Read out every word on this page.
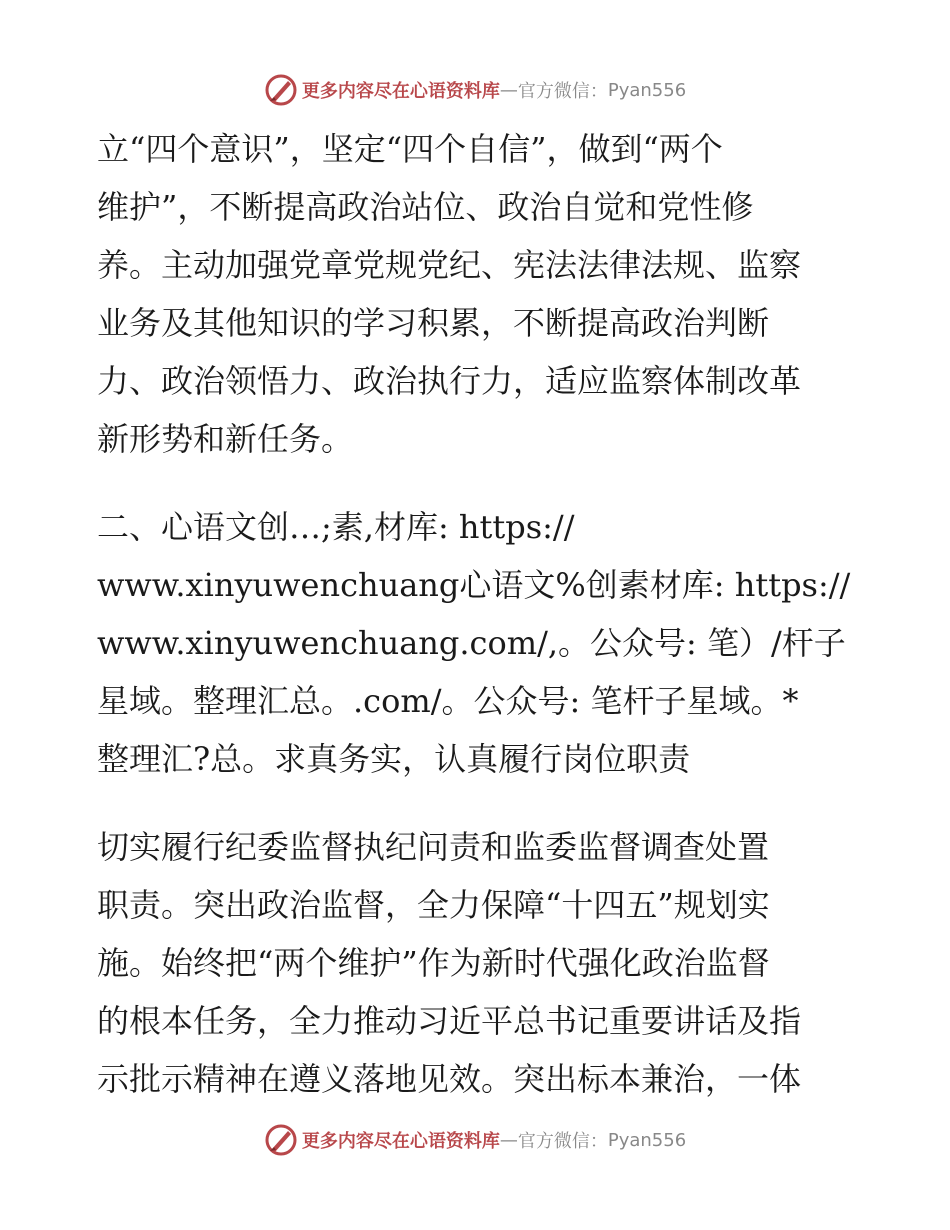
更多内容尽在心语资料库 — 官方微信： Pyan556
立“四个意识”，坚定“四个自信”，做到“两个
维护”，不断提高政治站位、政治自觉和党性修
养。主动加强党章党规党纪、宪法法律法规、监察
业务及其他知识的学习积累，不断提高政治判断
力、政治领悟力、政治执行力，适应监察体制改革
新形势和新任务。
二、心语文创…;素,材库: https://
www.xinyuwenchuang心语文%创素材库: https://
www.xinyuwenchuang.com/,。公众号: 笔）/杆子
星域。整理汇总。.com/。公众号: 笔杆子星域。*
整理汇?总。求真务实，认真履行岗位职责
切实履行纪委监督执纪问责和监委监督调查处置
职责。突出政治监督，全力保障“十四五”规划实
施。始终把“两个维护”作为新时代强化政治监督
的根本任务，全力推动习近平总书记重要讲话及指
示批示精神在遵义落地见效。突出标本兼治，一体
更多内容尽在心语资料库 — 官方微信： Pyan556
